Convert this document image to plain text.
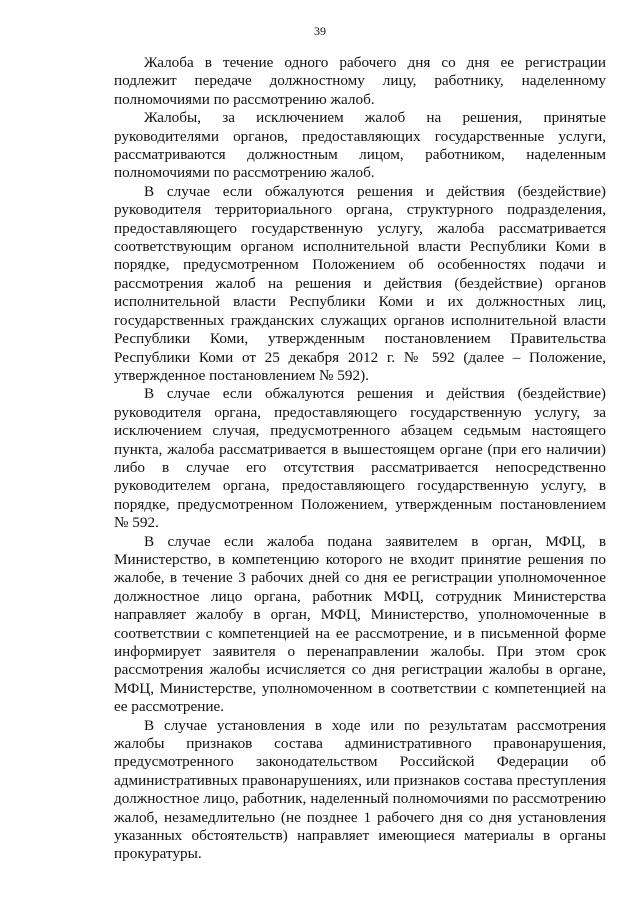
39

Жалоба в течение одного рабочего дня со дня ее регистрации подлежит передаче должностному лицу, работнику, наделенному полномочиями по рассмотрению жалоб.

Жалобы, за исключением жалоб на решения, принятые руководителями органов, предоставляющих государственные услуги, рассматриваются должностным лицом, работником, наделенным полномочиями по рассмотрению жалоб.

В случае если обжалуются решения и действия (бездействие) руководителя территориального органа, структурного подразделения, предоставляющего государственную услугу, жалоба рассматривается соответствующим органом исполнительной власти Республики Коми в порядке, предусмотренном Положением об особенностях подачи и рассмотрения жалоб на решения и действия (бездействие) органов исполнительной власти Республики Коми и их должностных лиц, государственных гражданских служащих органов исполнительной власти Республики Коми, утвержденным постановлением Правительства Республики Коми от 25 декабря 2012 г. № 592 (далее – Положение, утвержденное постановлением № 592).

В случае если обжалуются решения и действия (бездействие) руководителя органа, предоставляющего государственную услугу, за исключением случая, предусмотренного абзацем седьмым настоящего пункта, жалоба рассматривается в вышестоящем органе (при его наличии) либо в случае его отсутствия рассматривается непосредственно руководителем органа, предоставляющего государственную услугу, в порядке, предусмотренном Положением, утвержденным постановлением № 592.

В случае если жалоба подана заявителем в орган, МФЦ, в Министерство, в компетенцию которого не входит принятие решения по жалобе, в течение 3 рабочих дней со дня ее регистрации уполномоченное должностное лицо органа, работник МФЦ, сотрудник Министерства направляет жалобу в орган, МФЦ, Министерство, уполномоченные в соответствии с компетенцией на ее рассмотрение, и в письменной форме информирует заявителя о перенаправлении жалобы. При этом срок рассмотрения жалобы исчисляется со дня регистрации жалобы в органе, МФЦ, Министерстве, уполномоченном в соответствии с компетенцией на ее рассмотрение.

В случае установления в ходе или по результатам рассмотрения жалобы признаков состава административного правонарушения, предусмотренного законодательством Российской Федерации об административных правонарушениях, или признаков состава преступления должностное лицо, работник, наделенный полномочиями по рассмотрению жалоб, незамедлительно (не позднее 1 рабочего дня со дня установления указанных обстоятельств) направляет имеющиеся материалы в органы прокуратуры.
